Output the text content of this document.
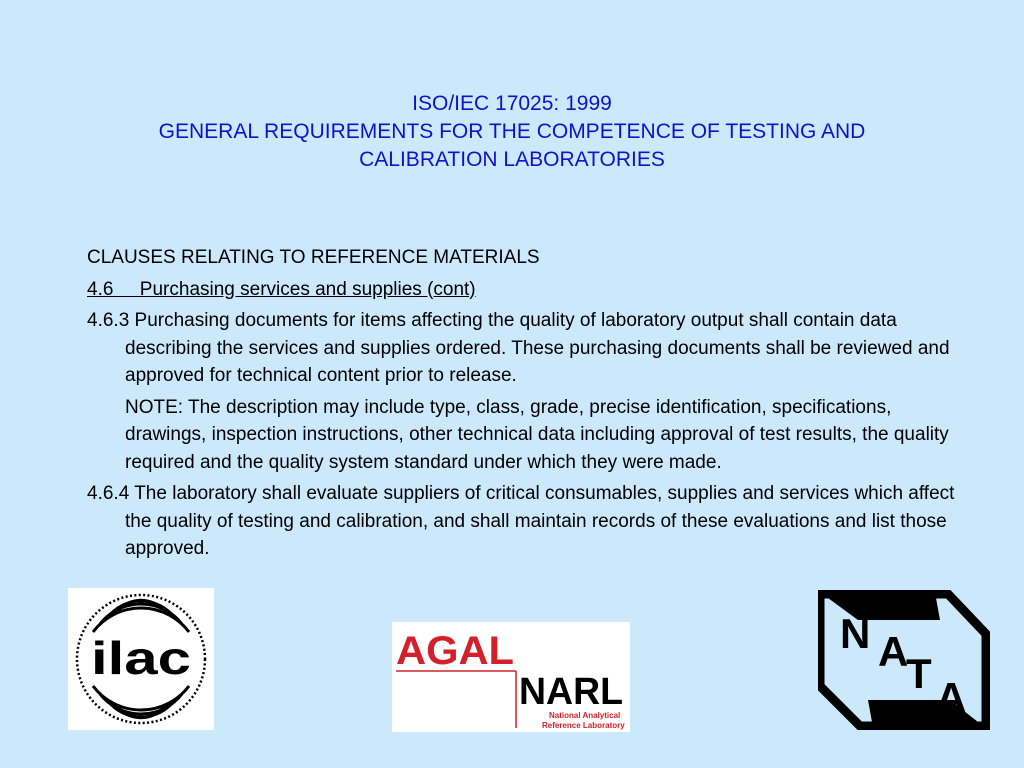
ISO/IEC 17025: 1999
GENERAL REQUIREMENTS FOR THE COMPETENCE OF TESTING AND
CALIBRATION LABORATORIES

CLAUSES RELATING TO REFERENCE MATERIALS

4.6     Purchasing services and supplies (cont)

4.6.3 Purchasing documents for items affecting the quality of laboratory output shall contain data describing the services and supplies ordered. These purchasing documents shall be reviewed and approved for technical content prior to release.

NOTE: The description may include type, class, grade, precise identification, specifications, drawings, inspection instructions, other technical data including approval of test results, the quality required and the quality system standard under which they were made.

4.6.4 The laboratory shall evaluate suppliers of critical consumables, supplies and services which affect the quality of testing and calibration, and shall maintain records of these evaluations and list those approved.

ilac	AGAL
NARL
National Analytical
Reference Laboratory
N A
T
A
